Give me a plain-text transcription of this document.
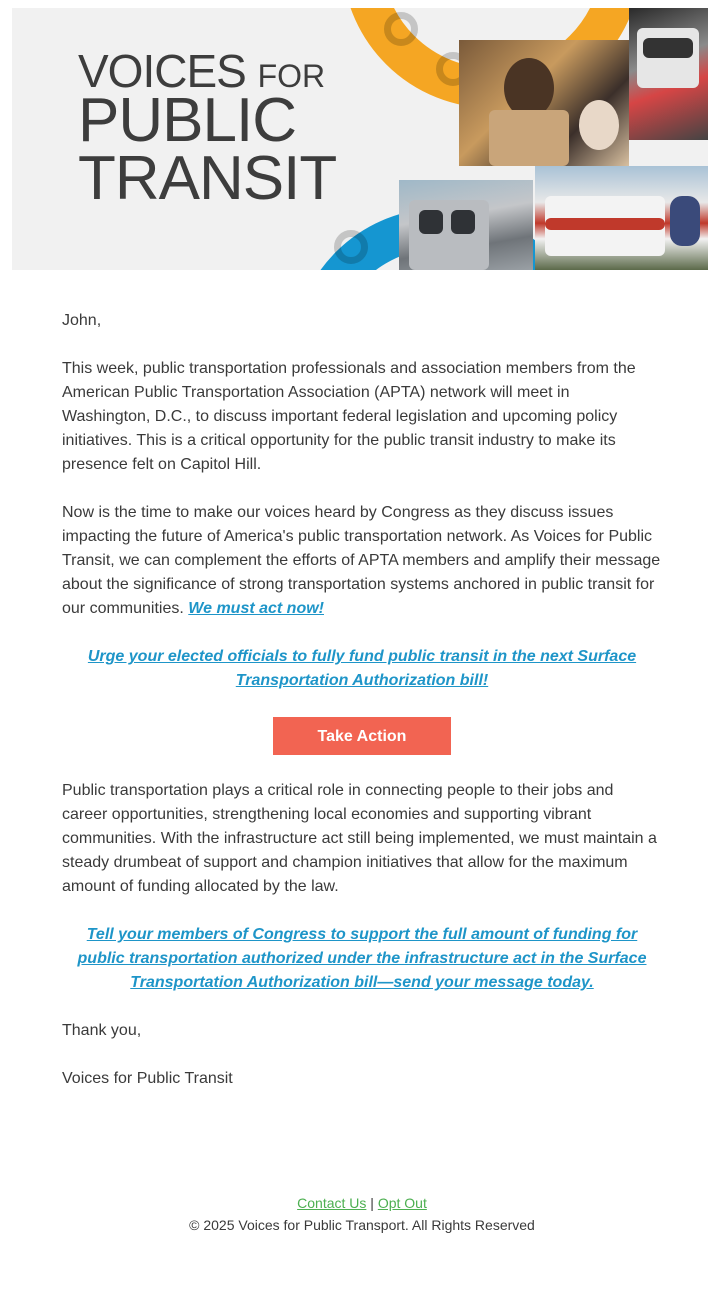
VOICES FOR
PUBLIC
TRANSIT

John,

This week, public transportation professionals and association members from the American Public Transportation Association (APTA) network will meet in Washington, D.C., to discuss important federal legislation and upcoming policy initiatives. This is a critical opportunity for the public transit industry to make its presence felt on Capitol Hill.

Now is the time to make our voices heard by Congress as they discuss issues impacting the future of America's public transportation network. As Voices for Public Transit, we can complement the efforts of APTA members and amplify their message about the significance of strong transportation systems anchored in public transit for our communities. We must act now!

Urge your elected officials to fully fund public transit in the next Surface Transportation Authorization bill!
Take Action

Public transportation plays a critical role in connecting people to their jobs and career opportunities, strengthening local economies and supporting vibrant communities. With the infrastructure act still being implemented, we must maintain a steady drumbeat of support and champion initiatives that allow for the maximum amount of funding allocated by the law.

Tell your members of Congress to support the full amount of funding for public transportation authorized under the infrastructure act in the Surface Transportation Authorization bill—send your message today.

Thank you,

Voices for Public Transit

Contact Us | Opt Out
© 2025 Voices for Public Transport. All Rights Reserved
